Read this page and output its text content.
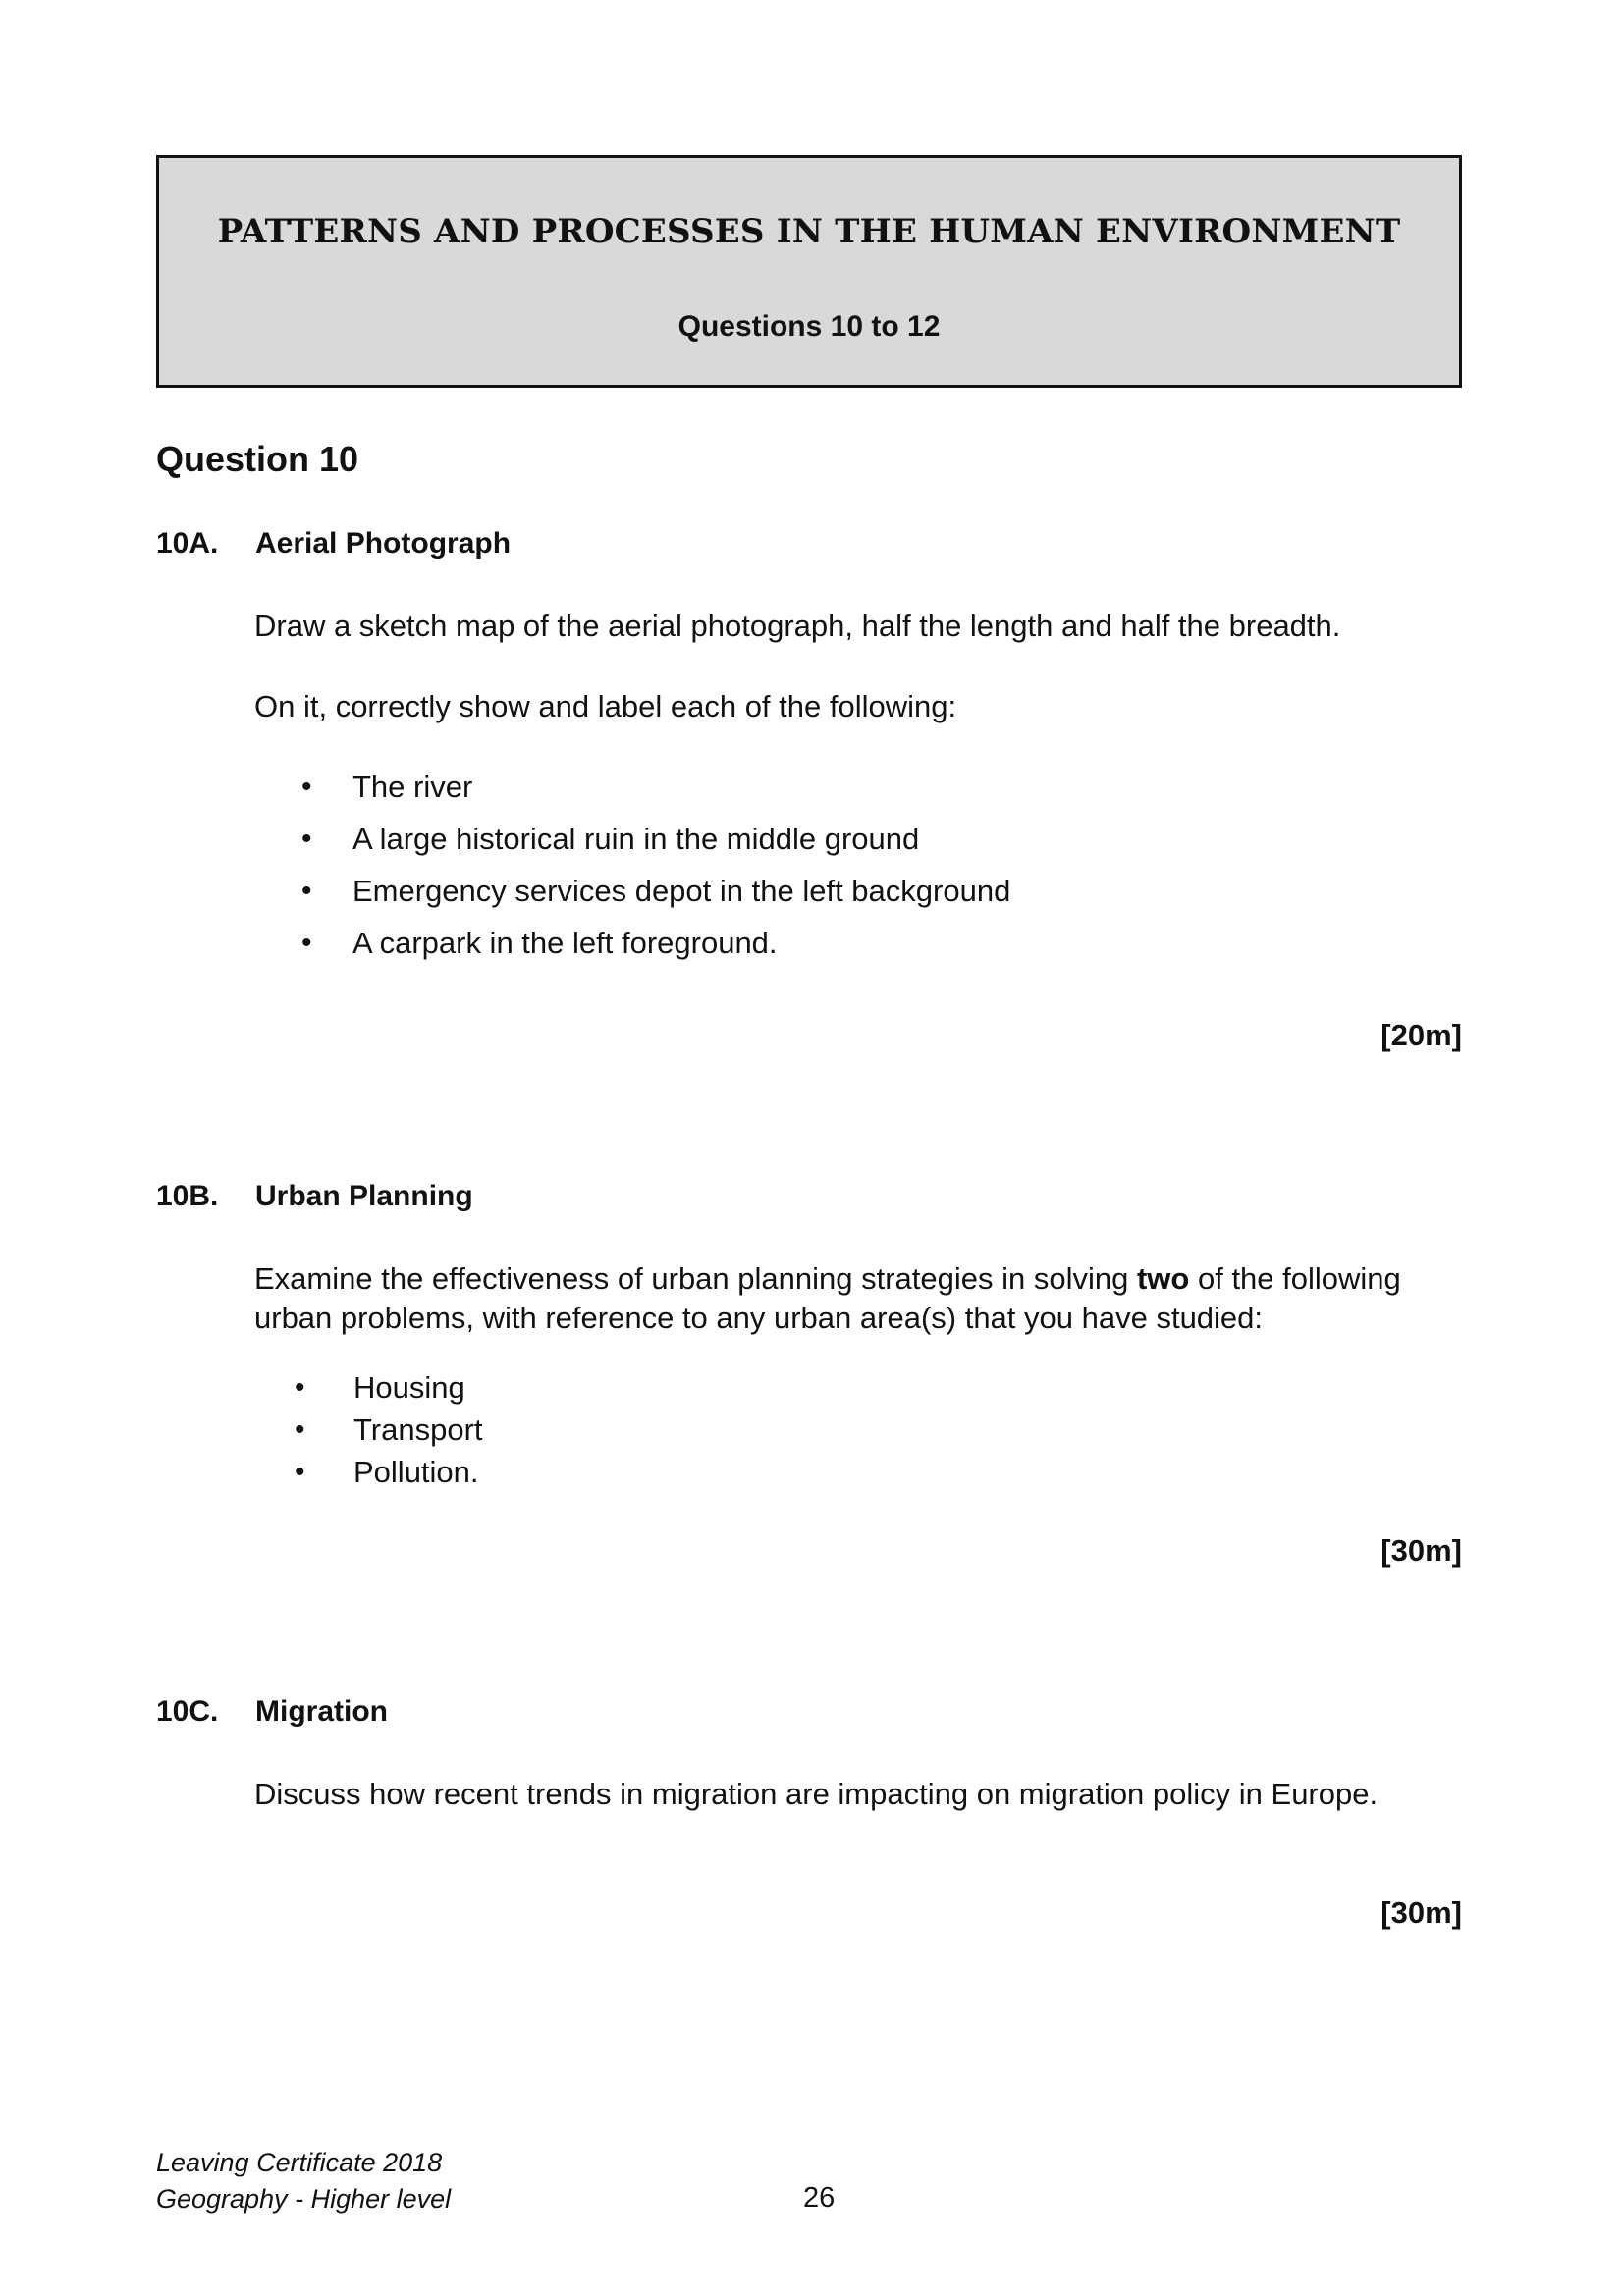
PATTERNS AND PROCESSES IN THE HUMAN ENVIRONMENT
Questions 10 to 12
Question 10
10A. Aerial Photograph
Draw a sketch map of the aerial photograph, half the length and half the breadth.
On it, correctly show and label each of the following:
• The river
• A large historical ruin in the middle ground
• Emergency services depot in the left background
• A carpark in the left foreground.
[20m]
10B. Urban Planning
Examine the effectiveness of urban planning strategies in solving two of the following
urban problems, with reference to any urban area(s) that you have studied:
• Housing
• Transport
• Pollution.
[30m]
10C. Migration
Discuss how recent trends in migration are impacting on migration policy in Europe.
[30m]
Leaving Certificate 2018
Geography - Higher level	26
